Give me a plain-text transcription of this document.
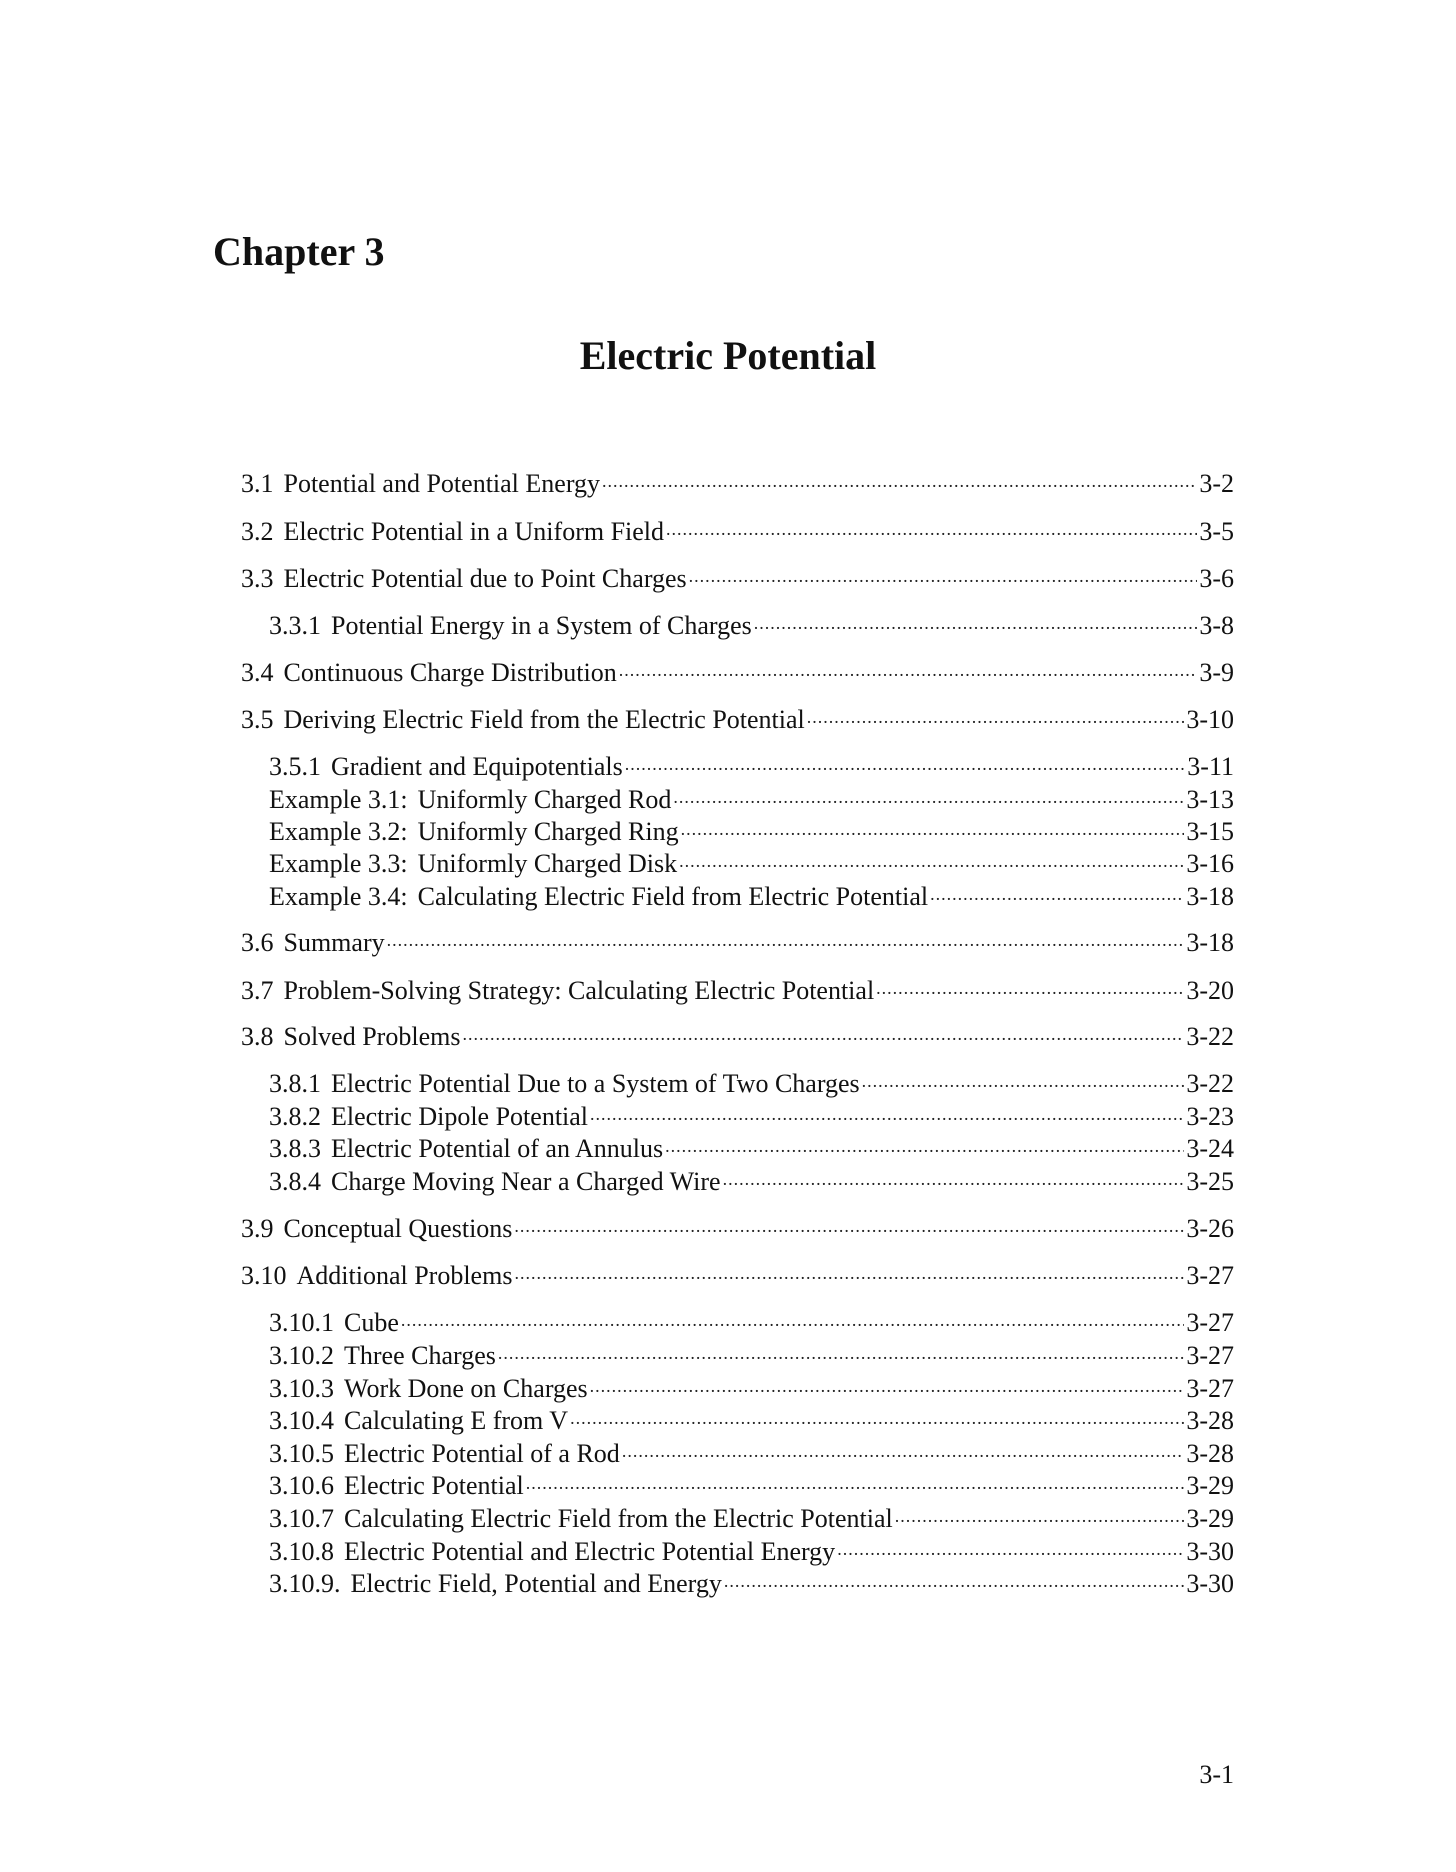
Chapter 3
Electric Potential
3.1 Potential and Potential Energy .....	3-2
3.2 Electric Potential in a Uniform Field .....	3-5
3.3 Electric Potential due to Point Charges .....	3-6
3.3.1 Potential Energy in a System of Charges .....	3-8
3.4 Continuous Charge Distribution .....	3-9
3.5 Deriving Electric Field from the Electric Potential .....	3-10
3.5.1 Gradient and Equipotentials .....	3-11
Example 3.1: Uniformly Charged Rod .....	3-13
Example 3.2: Uniformly Charged Ring .....	3-15
Example 3.3: Uniformly Charged Disk .....	3-16
Example 3.4: Calculating Electric Field from Electric Potential .....	3-18
3.6 Summary .....	3-18
3.7 Problem-Solving Strategy: Calculating Electric Potential .....	3-20
3.8 Solved Problems .....	3-22
3.8.1 Electric Potential Due to a System of Two Charges .....	3-22
3.8.2 Electric Dipole Potential .....	3-23
3.8.3 Electric Potential of an Annulus .....	3-24
3.8.4 Charge Moving Near a Charged Wire .....	3-25
3.9 Conceptual Questions .....	3-26
3.10 Additional Problems .....	3-27
3.10.1 Cube .....	3-27
3.10.2 Three Charges .....	3-27
3.10.3 Work Done on Charges .....	3-27
3.10.4 Calculating E from V .....	3-28
3.10.5 Electric Potential of a Rod .....	3-28
3.10.6 Electric Potential .....	3-29
3.10.7 Calculating Electric Field from the Electric Potential .....	3-29
3.10.8 Electric Potential and Electric Potential Energy .....	3-30
3.10.9. Electric Field, Potential and Energy .....	3-30
3-1
